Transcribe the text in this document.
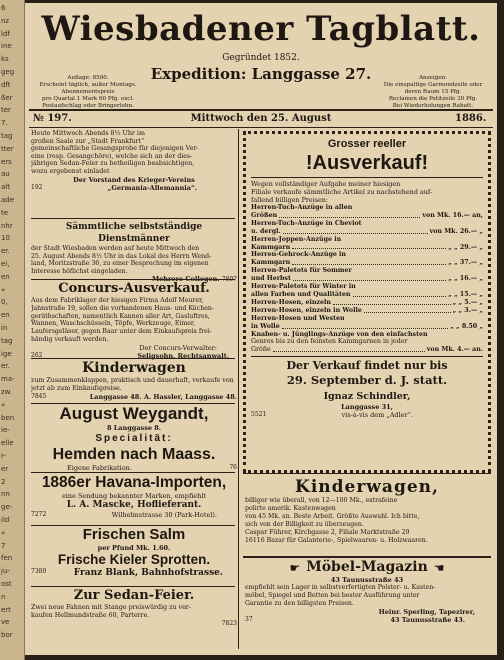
6
nz
ldf
ine
ks
geg
dft
ßer
ter
7.
tag
tter
ers
au
alt
ade
te
nhr
10
er.
ei,
en
«
0,
en
in
tag
ige
er.
ma-
zw.
«
ben
ie-
elle
r-
er
2
nn
ge-
ild
«
7
fen
ju-
ost
n
ert
ve
bor
Wiesbadener Tagblatt.
Auflage: 8500.
Erscheint täglich, außer Montags.
Abonnementspreis
pro Quartal 1 Mark 60 Pfg. excl.
Postaufschlag oder Bringerlohn.
Gegründet 1852.
Expedition: Langgasse 27.	Anzeigen:
Die einspaltige Garmondzeile oder
deren Raum 15 Pfg.
Reclamen die Petitzeile 30 Pfg.
Bei Wiederholungen Rabatt.
№ 197.	Mittwoch den 25. August	1886.
Heute Mittwoch Abends 8½ Uhr im
großen Saale zur „Stadt Frankfurt“
gemeinschaftliche Gesangsprobe für diejenigen Ver-
eine (resp. Gesangchöre), welche sich an der dies-
jährigen Sedan-Feier zu betheiligen beabsichtigen,
wozu ergebenst einladet
Der Vorstand des Krieger-Vereins
192	„Germania-Allemannia“.
Sämmtliche selbstständige Dienstmänner
der Stadt Wiesbaden werden auf heute Mittwoch den
25. August Abends 8½ Uhr in das Lokal des Herrn Wend-
land, Moritzstraße 36, zu einer Besprechung im eigenen
Interesse höflichst eingeladen.
Mehrere Collegen. 7807
Concurs-Ausverkauf.
Aus dem Fabriklager der hiesigen Firma Adolf Meurer,
Jahnstraße 19, sollen die vorhandenen Haus- und Küchen-
geräthschaften, namentlich Kannen aller Art, Gasluftres,
Wannen, Waschschüsseln, Töpfe, Werkzeuge, Eimer,
Laufersgeläser, gegen Baar unter dem Einkaufspreis frei-
händig verkauft werden.
Der Concurs-Verwalter:
262	Seligsohn, Rechtsanwalt.
Kinderwagen
zum Zusammenklappen, praktisch und dauerhaft, verkaufe von
jetzt ab zum Einkaufspreise.
7845	Langgasse 48. A. Hassler, Langgasse 48.
August Weygandt,
8 Langgasse 8.
Specialität:
Hemden nach Maass.
Eigene Fabrikation.	76
1886er Havana-Importen,
eine Sendung bekannter Marken, empfiehlt
L. A. Mascke, Hoflieferant.
7272	Wilhelmstrasse 30 (Park-Hotel).
Frischen Salm
per Pfund Mk. 1.60.
Frische Kieler Sprotten.
7380	Franz Blank, Bahnhofstrasse.
Zur Sedan-Feier.
Zwei neue Fahnen mit Stange preiswürdig zu ver-
kaufen Hellmundstraße 60, Parterre.
7823
Grosser reeller
!Ausverkauf!
Wegen vollständiger Aufgabe meiner hiesigen
Filiale verkaufe sämmtliche Artikel zu nachstehend auf-
fallend billigen Preisen:
Herren-Tuch-Anzüge in allen
Größen	von Mk. 16.— an,
Herren-Tuch-Anzüge in Cheviot
u. dergl.	von Mk. 26.— „
Herren-Joppen-Anzüge in
Kammgarn	„ „ 29.— „
Herren-Gehrock-Anzüge in
Kammgarn	„ „ 37.— „
Herren-Paletots für Sommer
und Herbst	„ „ 16.— „
Herren-Paletots für Winter in
allen Farben und Qualitäten	„ „ 15.— „
Herren-Hosen, einzeln	„ „ 5.— „
Herren-Hosen, einzeln in Wolle	„ „ 3.— „
Herren-Hosen und Westen
in Wolle	„ „ 8.50 „
Knaben- u. Jünglings-Anzüge von den einfachsten
Genres bis zu den feinsten Kammgarnen in jeder
Größe	von Mk. 4.— an.
Der Verkauf findet nur bis
29. September d. J. statt.
Ignaz Schindler,
Langgasse 31,
5521	vis-à-vis dem „Adler“.
Kinderwagen,
billiger wie überall, von 12—100 Mk., extrafeine
polirte amerik. Kastenwagen
von 45 Mk. an. Beste Arbeit. Größte Auswahl. Ich bitte,
sich von der Billigkeit zu überzeugen.
Caspar Führer, Kirchgasse 2, Filiale Marktstraße 29
16116 Bazar für Galanterie-, Spielwaaren- u. Holzwaaren.
☛ Möbel-Magazin ☚
43 Taunusstraße 43
empfiehlt sein Lager in selbstverfertigten Polster- u. Kasten-
möbel, Spiegel und Betten bei bester Ausführung unter
Garantie zu den billigsten Preisen.
Heinr. Sperling, Tapezirer,
37	43 Taunusstraße 43.
